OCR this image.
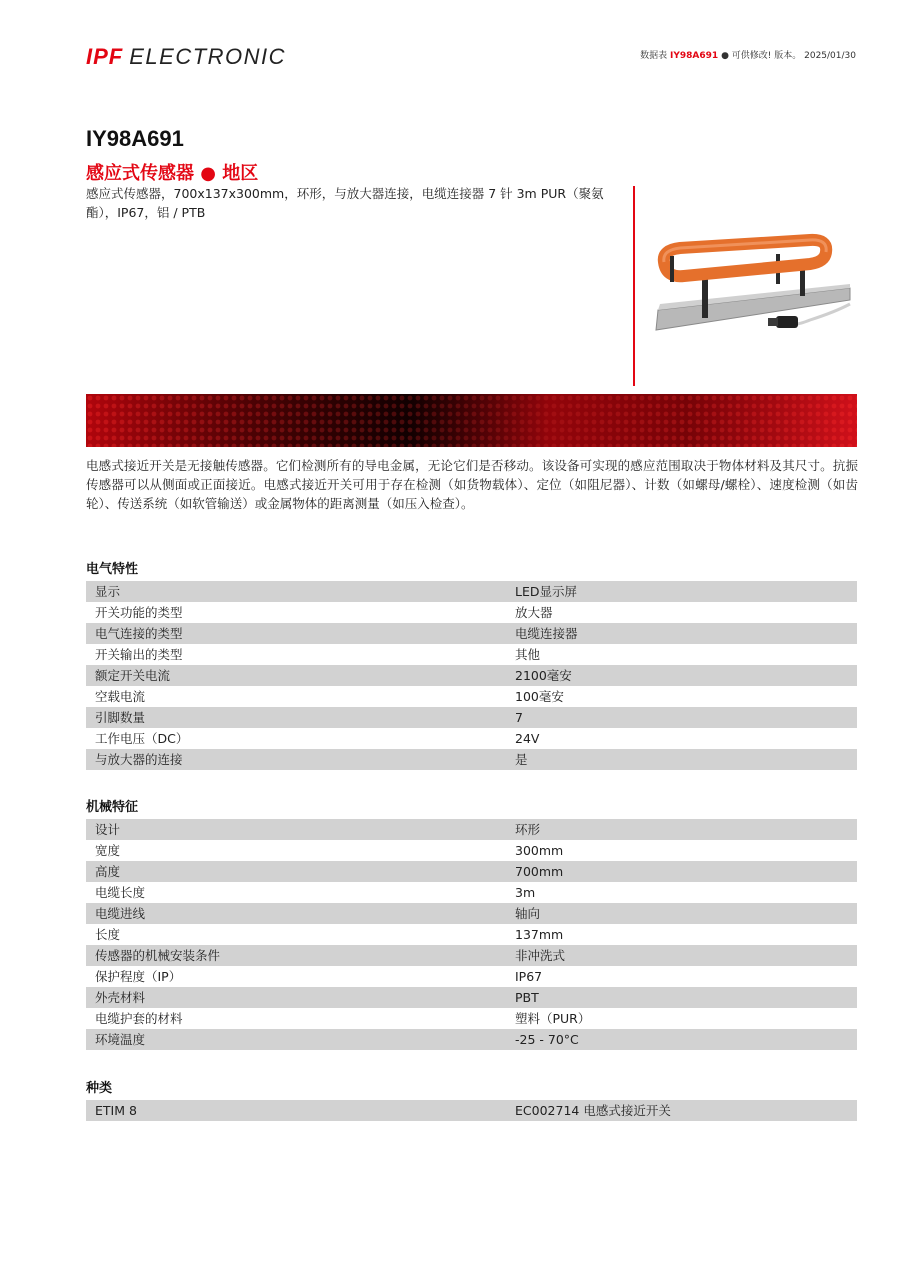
IPF ELECTRONIC	数据表 IY98A691 ● 可供修改! 版本。 2025/01/30
IY98A691
感应式传感器 ● 地区
感应式传感器，700x137x300mm，环形，与放大器连接，电缆连接器 7 针 3m PUR（聚氨酯），IP67，铝 / PTB
电感式接近开关是无接触传感器。它们检测所有的导电金属，无论它们是否移动。该设备可实现的感应范围取决于物体材料及其尺寸。抗振传感器可以从侧面或正面接近。电感式接近开关可用于存在检测（如货物载体）、定位（如阻尼器）、计数（如螺母/螺栓）、速度检测（如齿轮）、传送系统（如软管输送）或金属物体的距离测量（如压入检查）。
电气特性
显示	LED显示屏
开关功能的类型	放大器
电气连接的类型	电缆连接器
开关输出的类型	其他
额定开关电流	2100毫安
空载电流	100毫安
引脚数量	7
工作电压（DC）	24V
与放大器的连接	是
机械特征
设计	环形
宽度	300mm
高度	700mm
电缆长度	3m
电缆进线	轴向
长度	137mm
传感器的机械安装条件	非冲洗式
保护程度（IP）	IP67
外壳材料	PBT
电缆护套的材料	塑料（PUR）
环境温度	-25 - 70°C
种类
ETIM 8	EC002714 电感式接近开关
